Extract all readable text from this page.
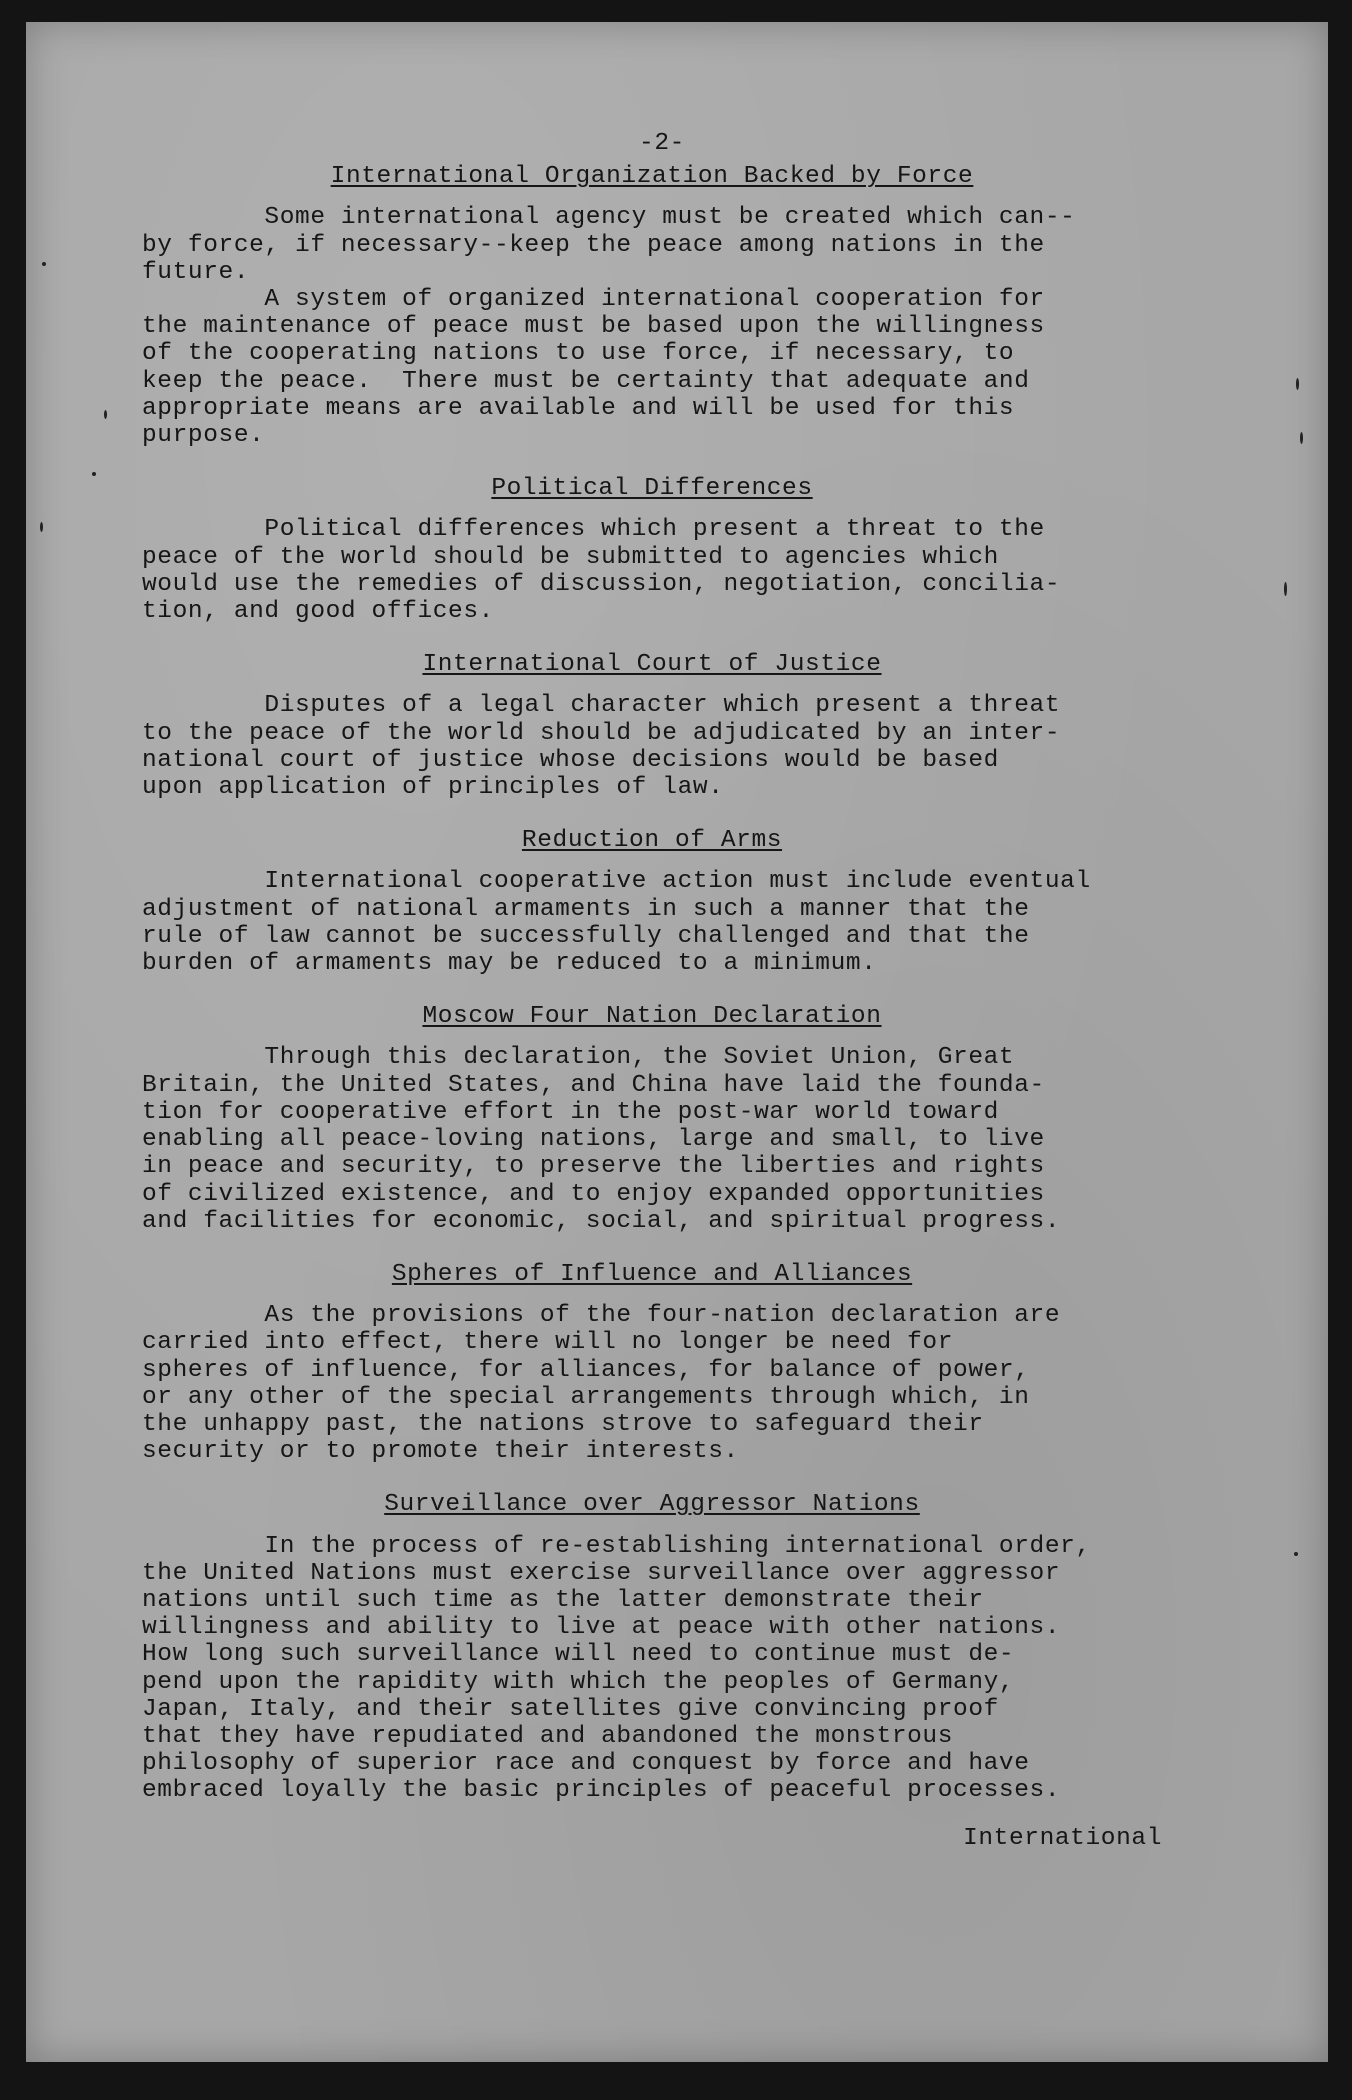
-2-
International Organization Backed by Force
Some international agency must be created which can--
by force, if necessary--keep the peace among nations in the
future.
A system of organized international cooperation for
the maintenance of peace must be based upon the willingness
of the cooperating nations to use force, if necessary, to
keep the peace.  There must be certainty that adequate and
appropriate means are available and will be used for this
purpose.
Political Differences
Political differences which present a threat to the
peace of the world should be submitted to agencies which
would use the remedies of discussion, negotiation, concilia-
tion, and good offices.
International Court of Justice
Disputes of a legal character which present a threat
to the peace of the world should be adjudicated by an inter-
national court of justice whose decisions would be based
upon application of principles of law.
Reduction of Arms
International cooperative action must include eventual
adjustment of national armaments in such a manner that the
rule of law cannot be successfully challenged and that the
burden of armaments may be reduced to a minimum.
Moscow Four Nation Declaration
Through this declaration, the Soviet Union, Great
Britain, the United States, and China have laid the founda-
tion for cooperative effort in the post-war world toward
enabling all peace-loving nations, large and small, to live
in peace and security, to preserve the liberties and rights
of civilized existence, and to enjoy expanded opportunities
and facilities for economic, social, and spiritual progress.
Spheres of Influence and Alliances
As the provisions of the four-nation declaration are
carried into effect, there will no longer be need for
spheres of influence, for alliances, for balance of power,
or any other of the special arrangements through which, in
the unhappy past, the nations strove to safeguard their
security or to promote their interests.
Surveillance over Aggressor Nations
In the process of re-establishing international order,
the United Nations must exercise surveillance over aggressor
nations until such time as the latter demonstrate their
willingness and ability to live at peace with other nations.
How long such surveillance will need to continue must de-
pend upon the rapidity with which the peoples of Germany,
Japan, Italy, and their satellites give convincing proof
that they have repudiated and abandoned the monstrous
philosophy of superior race and conquest by force and have
embraced loyally the basic principles of peaceful processes.
International
